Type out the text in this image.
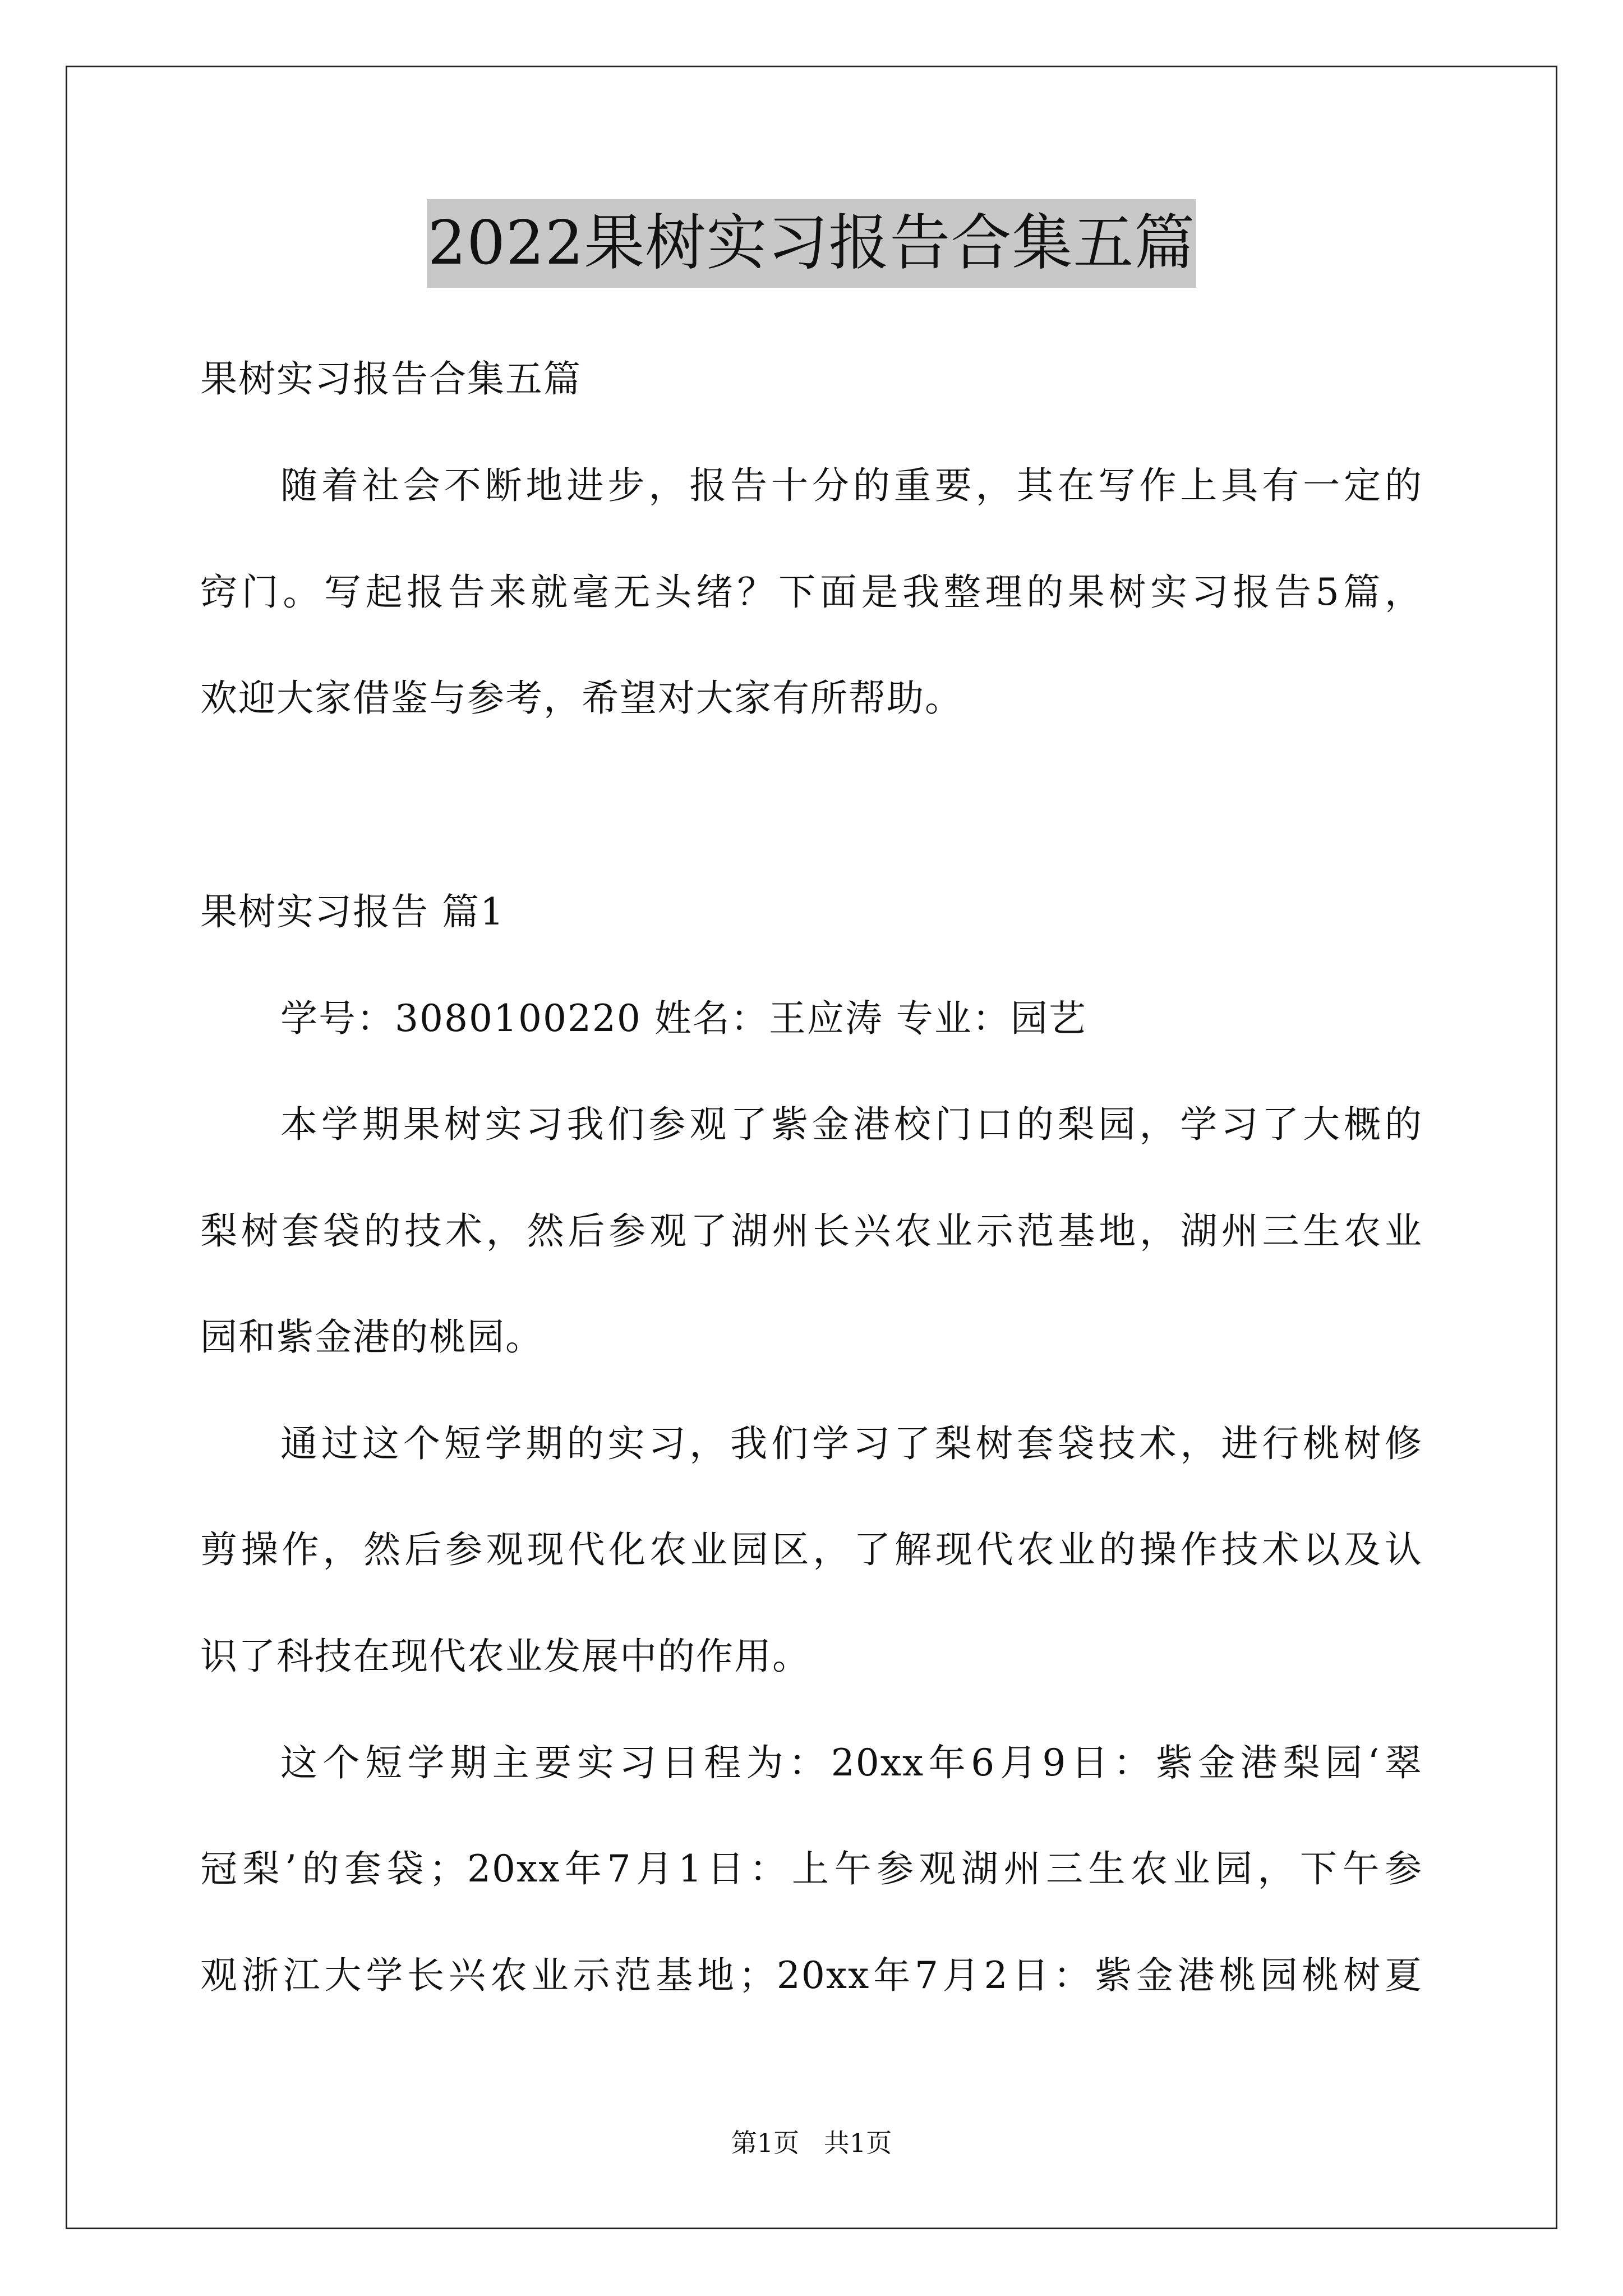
2022果树实习报告合集五篇
果树实习报告合集五篇
随着社会不断地进步，报告十分的重要，其在写作上具有一定的
窍门。写起报告来就毫无头绪？下面是我整理的果树实习报告5篇，
欢迎大家借鉴与参考，希望对大家有所帮助。
果树实习报告 篇1
学号：3080100220 姓名：王应涛 专业：园艺
本学期果树实习我们参观了紫金港校门口的梨园，学习了大概的
梨树套袋的技术，然后参观了湖州长兴农业示范基地，湖州三生农业
园和紫金港的桃园。
通过这个短学期的实习，我们学习了梨树套袋技术，进行桃树修
剪操作，然后参观现代化农业园区，了解现代农业的操作技术以及认
识了科技在现代农业发展中的作用。
这个短学期主要实习日程为：20xx年6月9日：紫金港梨园‘翠
冠梨’的套袋；20xx年7月1日：上午参观湖州三生农业园，下午参
观浙江大学长兴农业示范基地；20xx年7月2日：紫金港桃园桃树夏
第1页   共1页
